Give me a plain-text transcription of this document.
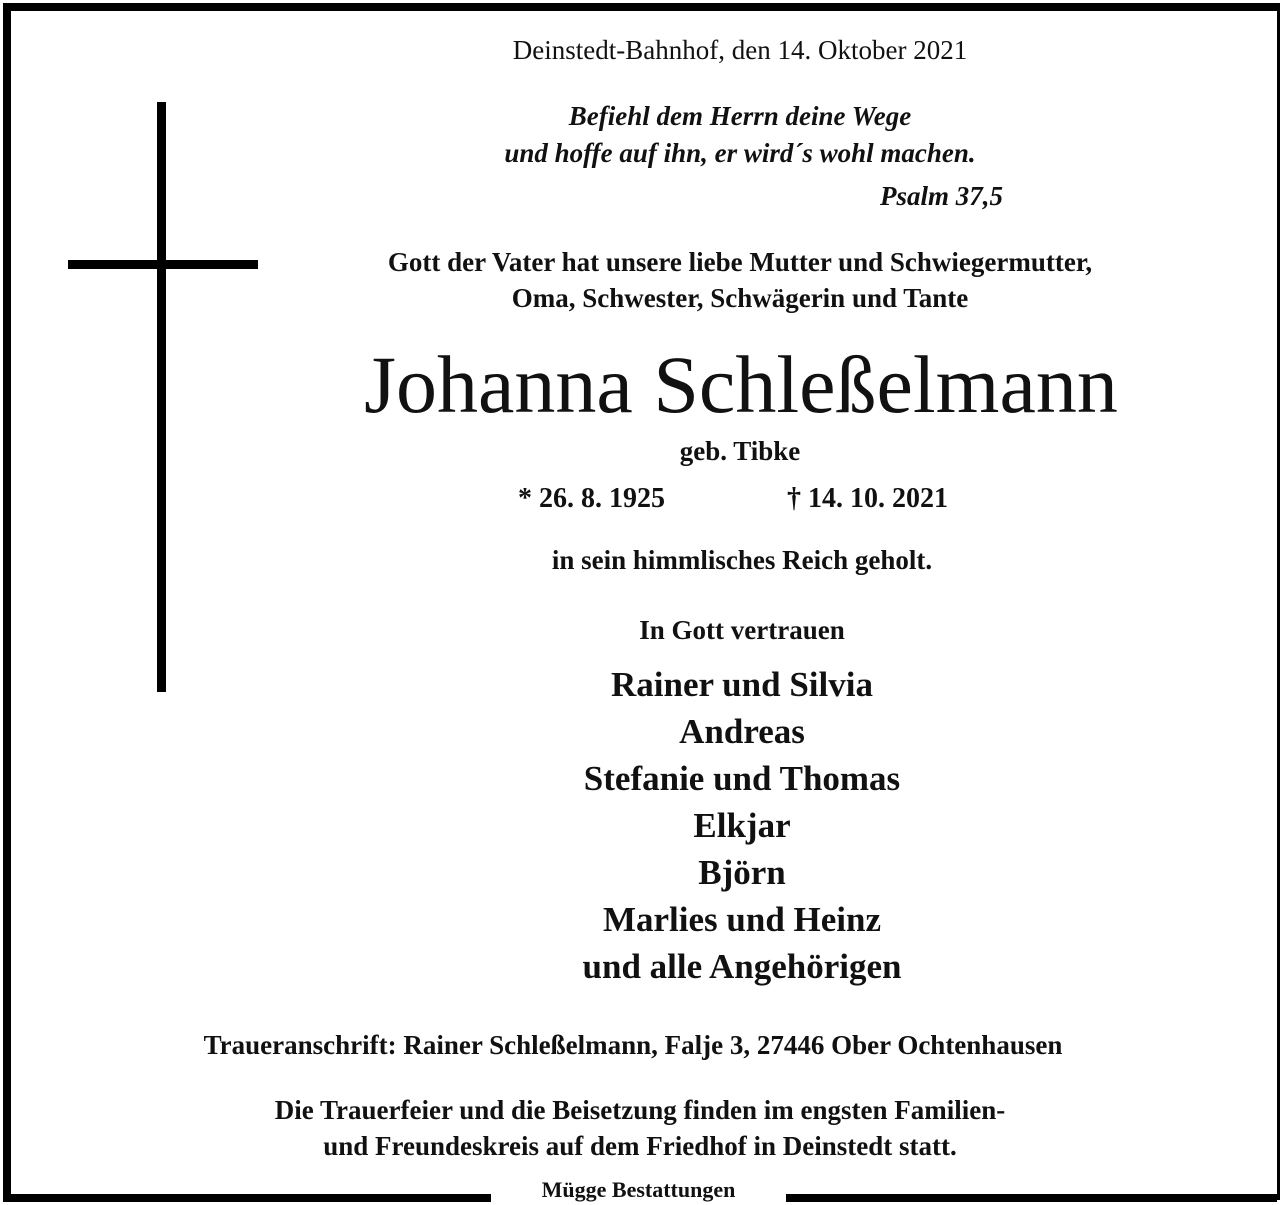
Deinstedt-Bahnhof, den 14. Oktober 2021
Befiehl dem Herrn deine Wege
und hoffe auf ihn, er wird´s wohl machen.
Psalm 37,5
Gott der Vater hat unsere liebe Mutter und Schwiegermutter,
Oma, Schwester, Schwägerin und Tante
Johanna Schleßelmann
geb. Tibke
* 26. 8. 1925	† 14. 10. 2021
in sein himmlisches Reich geholt.
In Gott vertrauen
Rainer und Silvia
Andreas
Stefanie und Thomas
Elkjar
Björn
Marlies und Heinz
und alle Angehörigen
Traueranschrift: Rainer Schleßelmann, Falje 3, 27446 Ober Ochtenhausen
Die Trauerfeier und die Beisetzung finden im engsten Familien-
und Freundeskreis auf dem Friedhof in Deinstedt statt.
Mügge Bestattungen
